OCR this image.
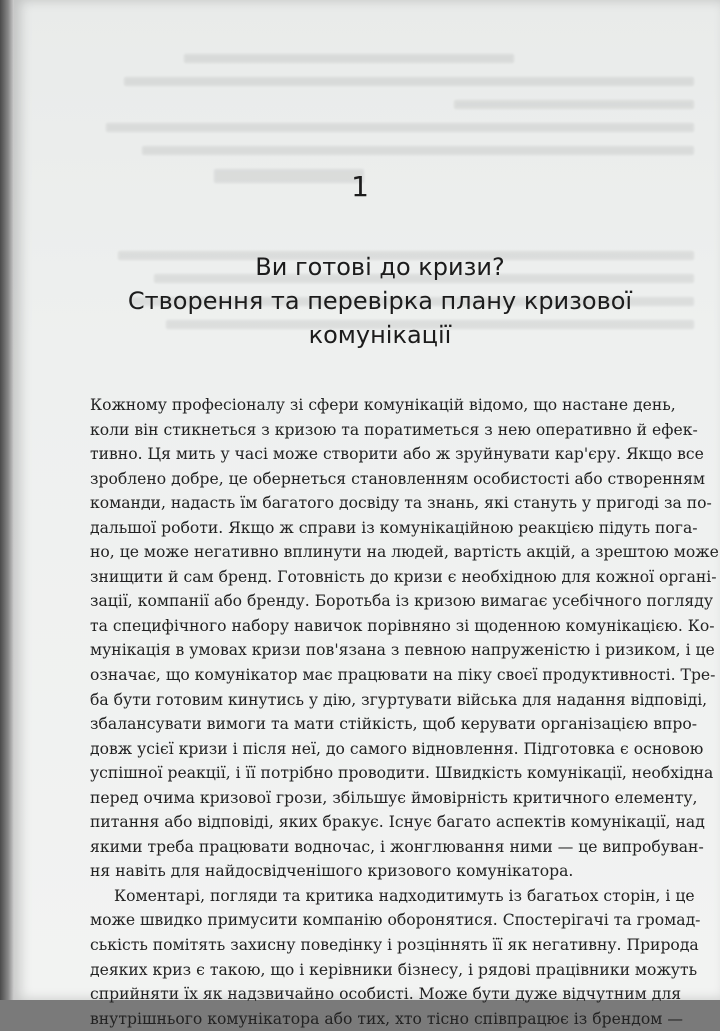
1
Ви готові до кризи?
Створення та перевірка плану кризової
комунікації
Кожному професіоналу зі сфери комунікацій відомо, що настане день,
коли він стикнеться з кризою та поратиметься з нею оперативно й ефек-
тивно. Ця мить у часі може створити або ж зруйнувати кар'єру. Якщо все
зроблено добре, це обернеться становленням особистості або створенням
команди, надасть їм багатого досвіду та знань, які стануть у пригоді за по-
дальшої роботи. Якщо ж справи із комунікаційною реакцією підуть пога-
но, це може негативно вплинути на людей, вартість акцій, а зрештою може
знищити й сам бренд. Готовність до кризи є необхідною для кожної органі-
зації, компанії або бренду. Боротьба із кризою вимагає усебічного погляду
та специфічного набору навичок порівняно зі щоденною комунікацією. Ко-
мунікація в умовах кризи пов'язана з певною напруженістю і ризиком, і це
означає, що комунікатор має працювати на піку своєї продуктивності. Тре-
ба бути готовим кинутись у дію, згуртувати війська для надання відповіді,
збалансувати вимоги та мати стійкість, щоб керувати організацією впро-
довж усієї кризи і після неї, до самого відновлення. Підготовка є основою
успішної реакції, і її потрібно проводити. Швидкість комунікації, необхідна
перед очима кризової грози, збільшує ймовірність критичного елементу,
питання або відповіді, яких бракує. Існує багато аспектів комунікації, над
якими треба працювати водночас, і жонглювання ними — це випробуван-
ня навіть для найдосвідченішого кризового комунікатора.
Коментарі, погляди та критика надходитимуть із багатьох сторін, і це
може швидко примусити компанію оборонятися. Спостерігачі та громад-
ськість помітять захисну поведінку і розціннять її як негативну. Природа
деяких криз є такою, що і керівники бізнесу, і рядові працівники можуть
сприйняти їх як надзвичайно особисті. Може бути дуже відчутним для
внутрішнього комунікатора або тих, хто тісно співпрацює із брендом —
